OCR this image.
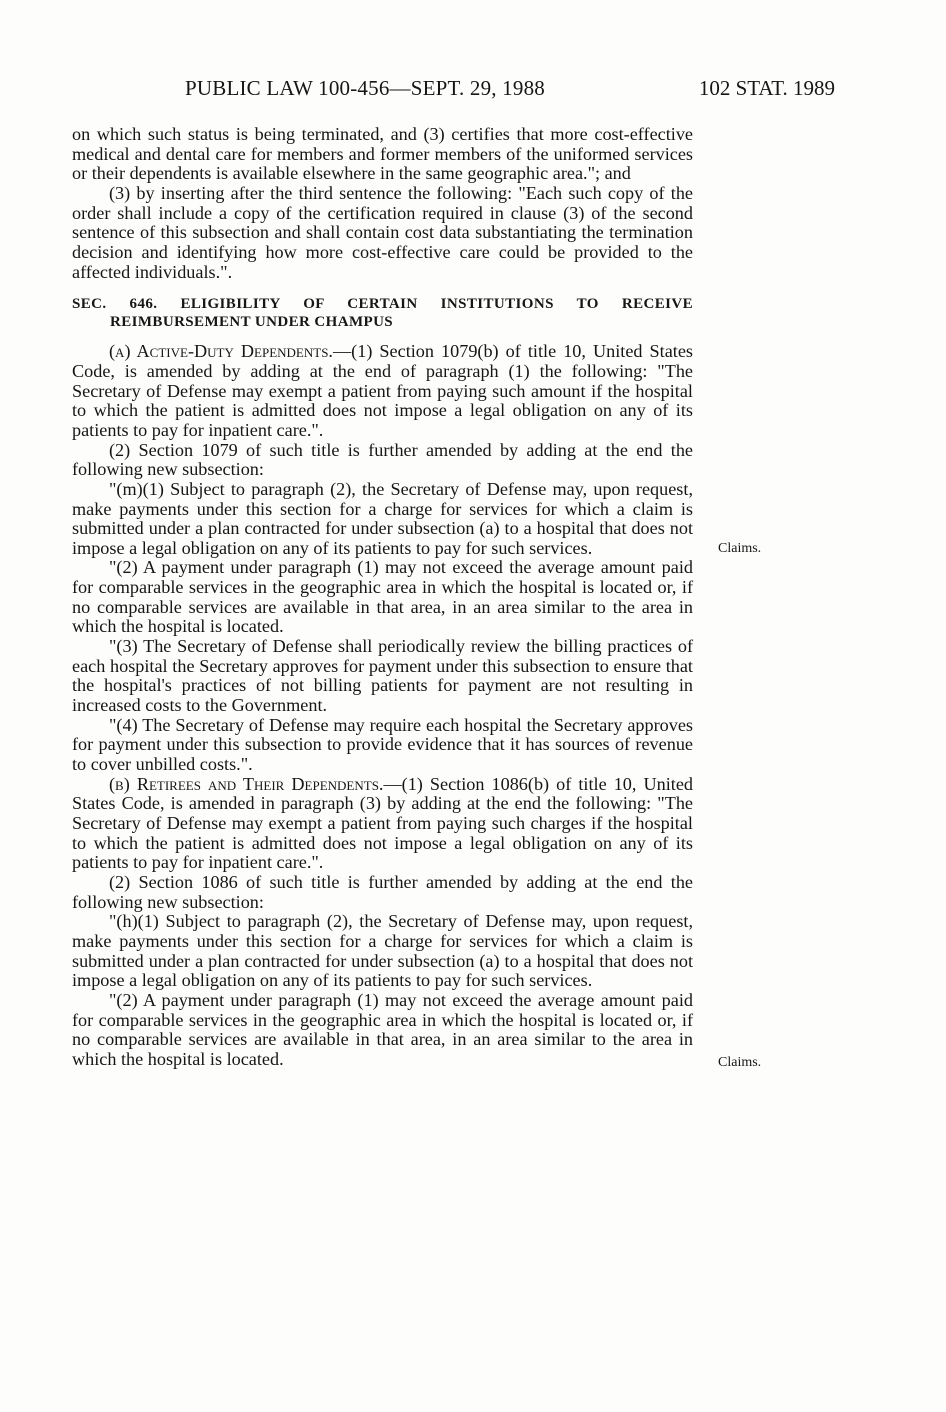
PUBLIC LAW 100-456—SEPT. 29, 1988	102 STAT. 1989

on which such status is being terminated, and (3) certifies that more cost-effective medical and dental care for members and former members of the uniformed services or their dependents is available elsewhere in the same geographic area."; and

(3) by inserting after the third sentence the following: "Each such copy of the order shall include a copy of the certification required in clause (3) of the second sentence of this subsection and shall contain cost data substantiating the termination decision and identifying how more cost-effective care could be provided to the affected individuals.".

SEC. 646. ELIGIBILITY OF CERTAIN INSTITUTIONS TO RECEIVE REIMBURSEMENT UNDER CHAMPUS

(a) Active-Duty Dependents.—(1) Section 1079(b) of title 10, United States Code, is amended by adding at the end of paragraph (1) the following: "The Secretary of Defense may exempt a patient from paying such amount if the hospital to which the patient is admitted does not impose a legal obligation on any of its patients to pay for inpatient care.".

(2) Section 1079 of such title is further amended by adding at the end the following new subsection:

"(m)(1) Subject to paragraph (2), the Secretary of Defense may, upon request, make payments under this section for a charge for services for which a claim is submitted under a plan contracted for under subsection (a) to a hospital that does not impose a legal obligation on any of its patients to pay for such services.

"(2) A payment under paragraph (1) may not exceed the average amount paid for comparable services in the geographic area in which the hospital is located or, if no comparable services are available in that area, in an area similar to the area in which the hospital is located.

"(3) The Secretary of Defense shall periodically review the billing practices of each hospital the Secretary approves for payment under this subsection to ensure that the hospital's practices of not billing patients for payment are not resulting in increased costs to the Government.

"(4) The Secretary of Defense may require each hospital the Secretary approves for payment under this subsection to provide evidence that it has sources of revenue to cover unbilled costs.".

(b) Retirees and Their Dependents.—(1) Section 1086(b) of title 10, United States Code, is amended in paragraph (3) by adding at the end the following: "The Secretary of Defense may exempt a patient from paying such charges if the hospital to which the patient is admitted does not impose a legal obligation on any of its patients to pay for inpatient care.".

(2) Section 1086 of such title is further amended by adding at the end the following new subsection:

"(h)(1) Subject to paragraph (2), the Secretary of Defense may, upon request, make payments under this section for a charge for services for which a claim is submitted under a plan contracted for under subsection (a) to a hospital that does not impose a legal obligation on any of its patients to pay for such services.

"(2) A payment under paragraph (1) may not exceed the average amount paid for comparable services in the geographic area in which the hospital is located or, if no comparable services are available in that area, in an area similar to the area in which the hospital is located.

Claims.
Claims.
